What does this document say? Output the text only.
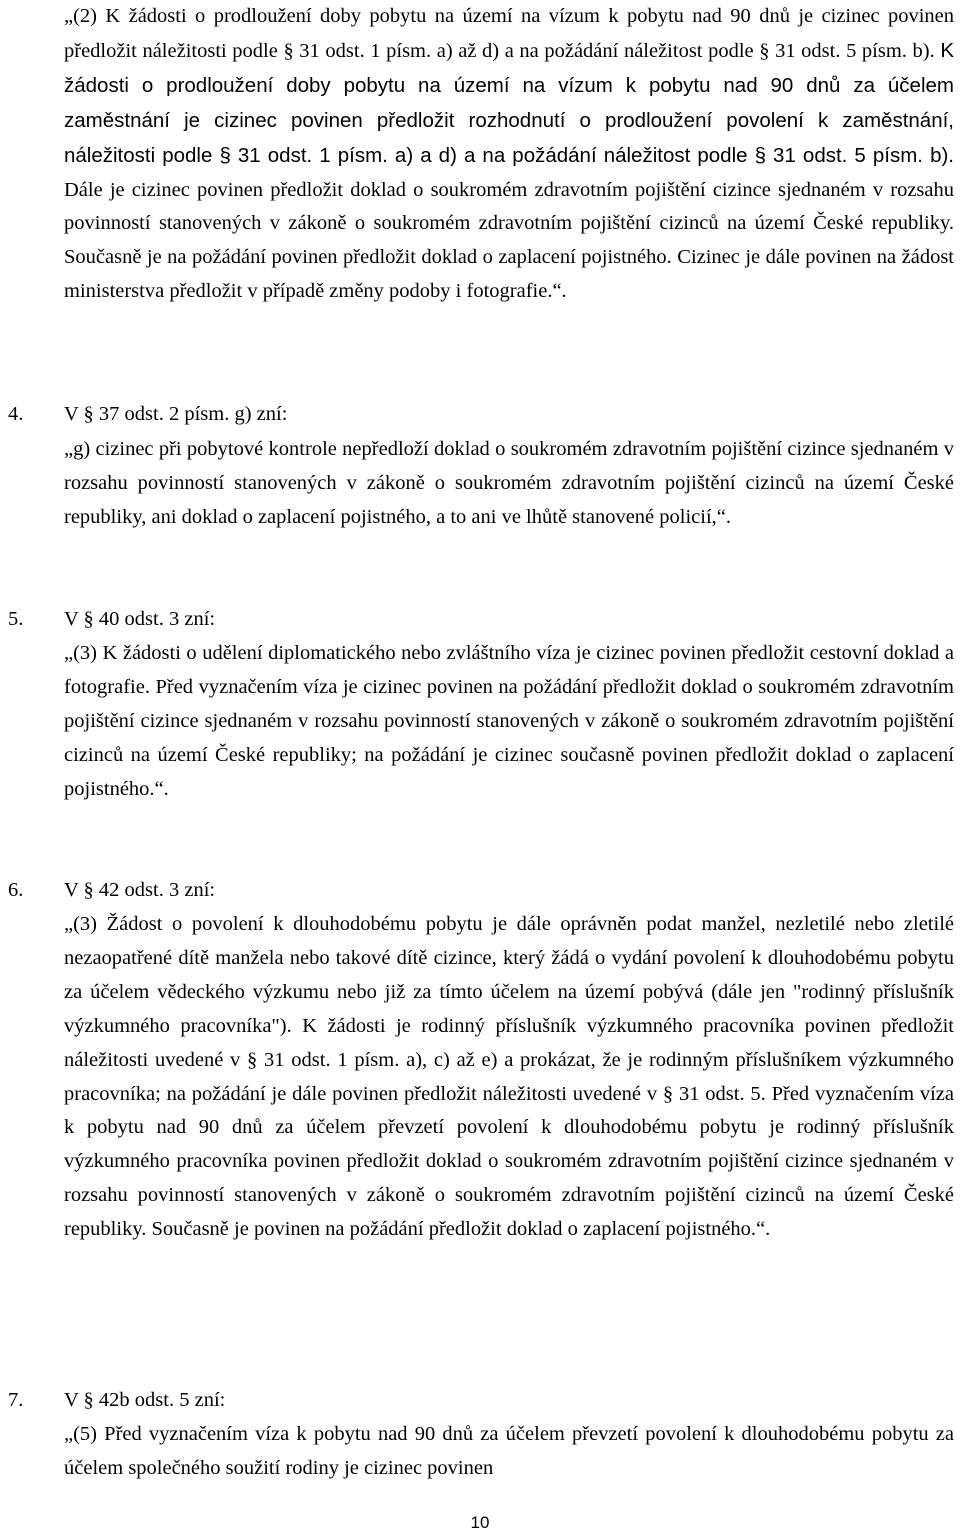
„(2) K žádosti o prodloužení doby pobytu na území na vízum k pobytu nad 90 dnů je cizinec povinen předložit náležitosti podle § 31 odst. 1 písm. a) až d) a na požádání náležitost podle § 31 odst. 5 písm. b). K žádosti o prodloužení doby pobytu na území na vízum k pobytu nad 90 dnů za účelem zaměstnání je cizinec povinen předložit rozhodnutí o prodloužení povolení k zaměstnání, náležitosti podle § 31 odst. 1 písm. a) a d) a na požádání náležitost podle § 31 odst. 5 písm. b). Dále je cizinec povinen předložit doklad o soukromém zdravotním pojištění cizince sjednaném v rozsahu povinností stanovených v zákoně o soukromém zdravotním pojištění cizinců na území České republiky. Současně je na požádání povinen předložit doklad o zaplacení pojistného. Cizinec je dále povinen na žádost ministerstva předložit v případě změny podoby i fotografie.“.
4. V § 37 odst. 2 písm. g) zní:
„g) cizinec při pobytové kontrole nepředloží doklad o soukromém zdravotním pojištění cizince sjednaném v rozsahu povinností stanovených v zákoně o soukromém zdravotním pojištění cizinců na území České republiky, ani doklad o zaplacení pojistného, a to ani ve lhůtě stanovené policií,“.
5. V § 40 odst. 3 zní:
„(3) K žádosti o udělení diplomatického nebo zvláštního víza je cizinec povinen předložit cestovní doklad a fotografie. Před vyznačením víza je cizinec povinen na požádání předložit doklad o soukromém zdravotním pojištění cizince sjednaném v rozsahu povinností stanovených v zákoně o soukromém zdravotním pojištění cizinců na území České republiky; na požádání je cizinec současně povinen předložit doklad o zaplacení pojistného.“.
6. V § 42 odst. 3 zní:
„(3) Žádost o povolení k dlouhodobému pobytu je dále oprávněn podat manžel, nezletilé nebo zletilé nezaopatřené dítě manžela nebo takové dítě cizince, který žádá o vydání povolení k dlouhodobému pobytu za účelem vědeckého výzkumu nebo již za tímto účelem na území pobývá (dále jen "rodinný příslušník výzkumného pracovníka"). K žádosti je rodinný příslušník výzkumného pracovníka povinen předložit náležitosti uvedené v § 31 odst. 1 písm. a), c) až e) a prokázat, že je rodinným příslušníkem výzkumného pracovníka; na požádání je dále povinen předložit náležitosti uvedené v § 31 odst. 5. Před vyznačením víza k pobytu nad 90 dnů za účelem převzetí povolení k dlouhodobému pobytu je rodinný příslušník výzkumného pracovníka povinen předložit doklad o soukromém zdravotním pojištění cizince sjednaném v rozsahu povinností stanovených v zákoně o soukromém zdravotním pojištění cizinců na území České republiky. Současně je povinen na požádání předložit doklad o zaplacení pojistného.“.
7. V § 42b odst. 5 zní:
„(5) Před vyznačením víza k pobytu nad 90 dnů za účelem převzetí povolení k dlouhodobému pobytu za účelem společného soužití rodiny je cizinec povinen
10
